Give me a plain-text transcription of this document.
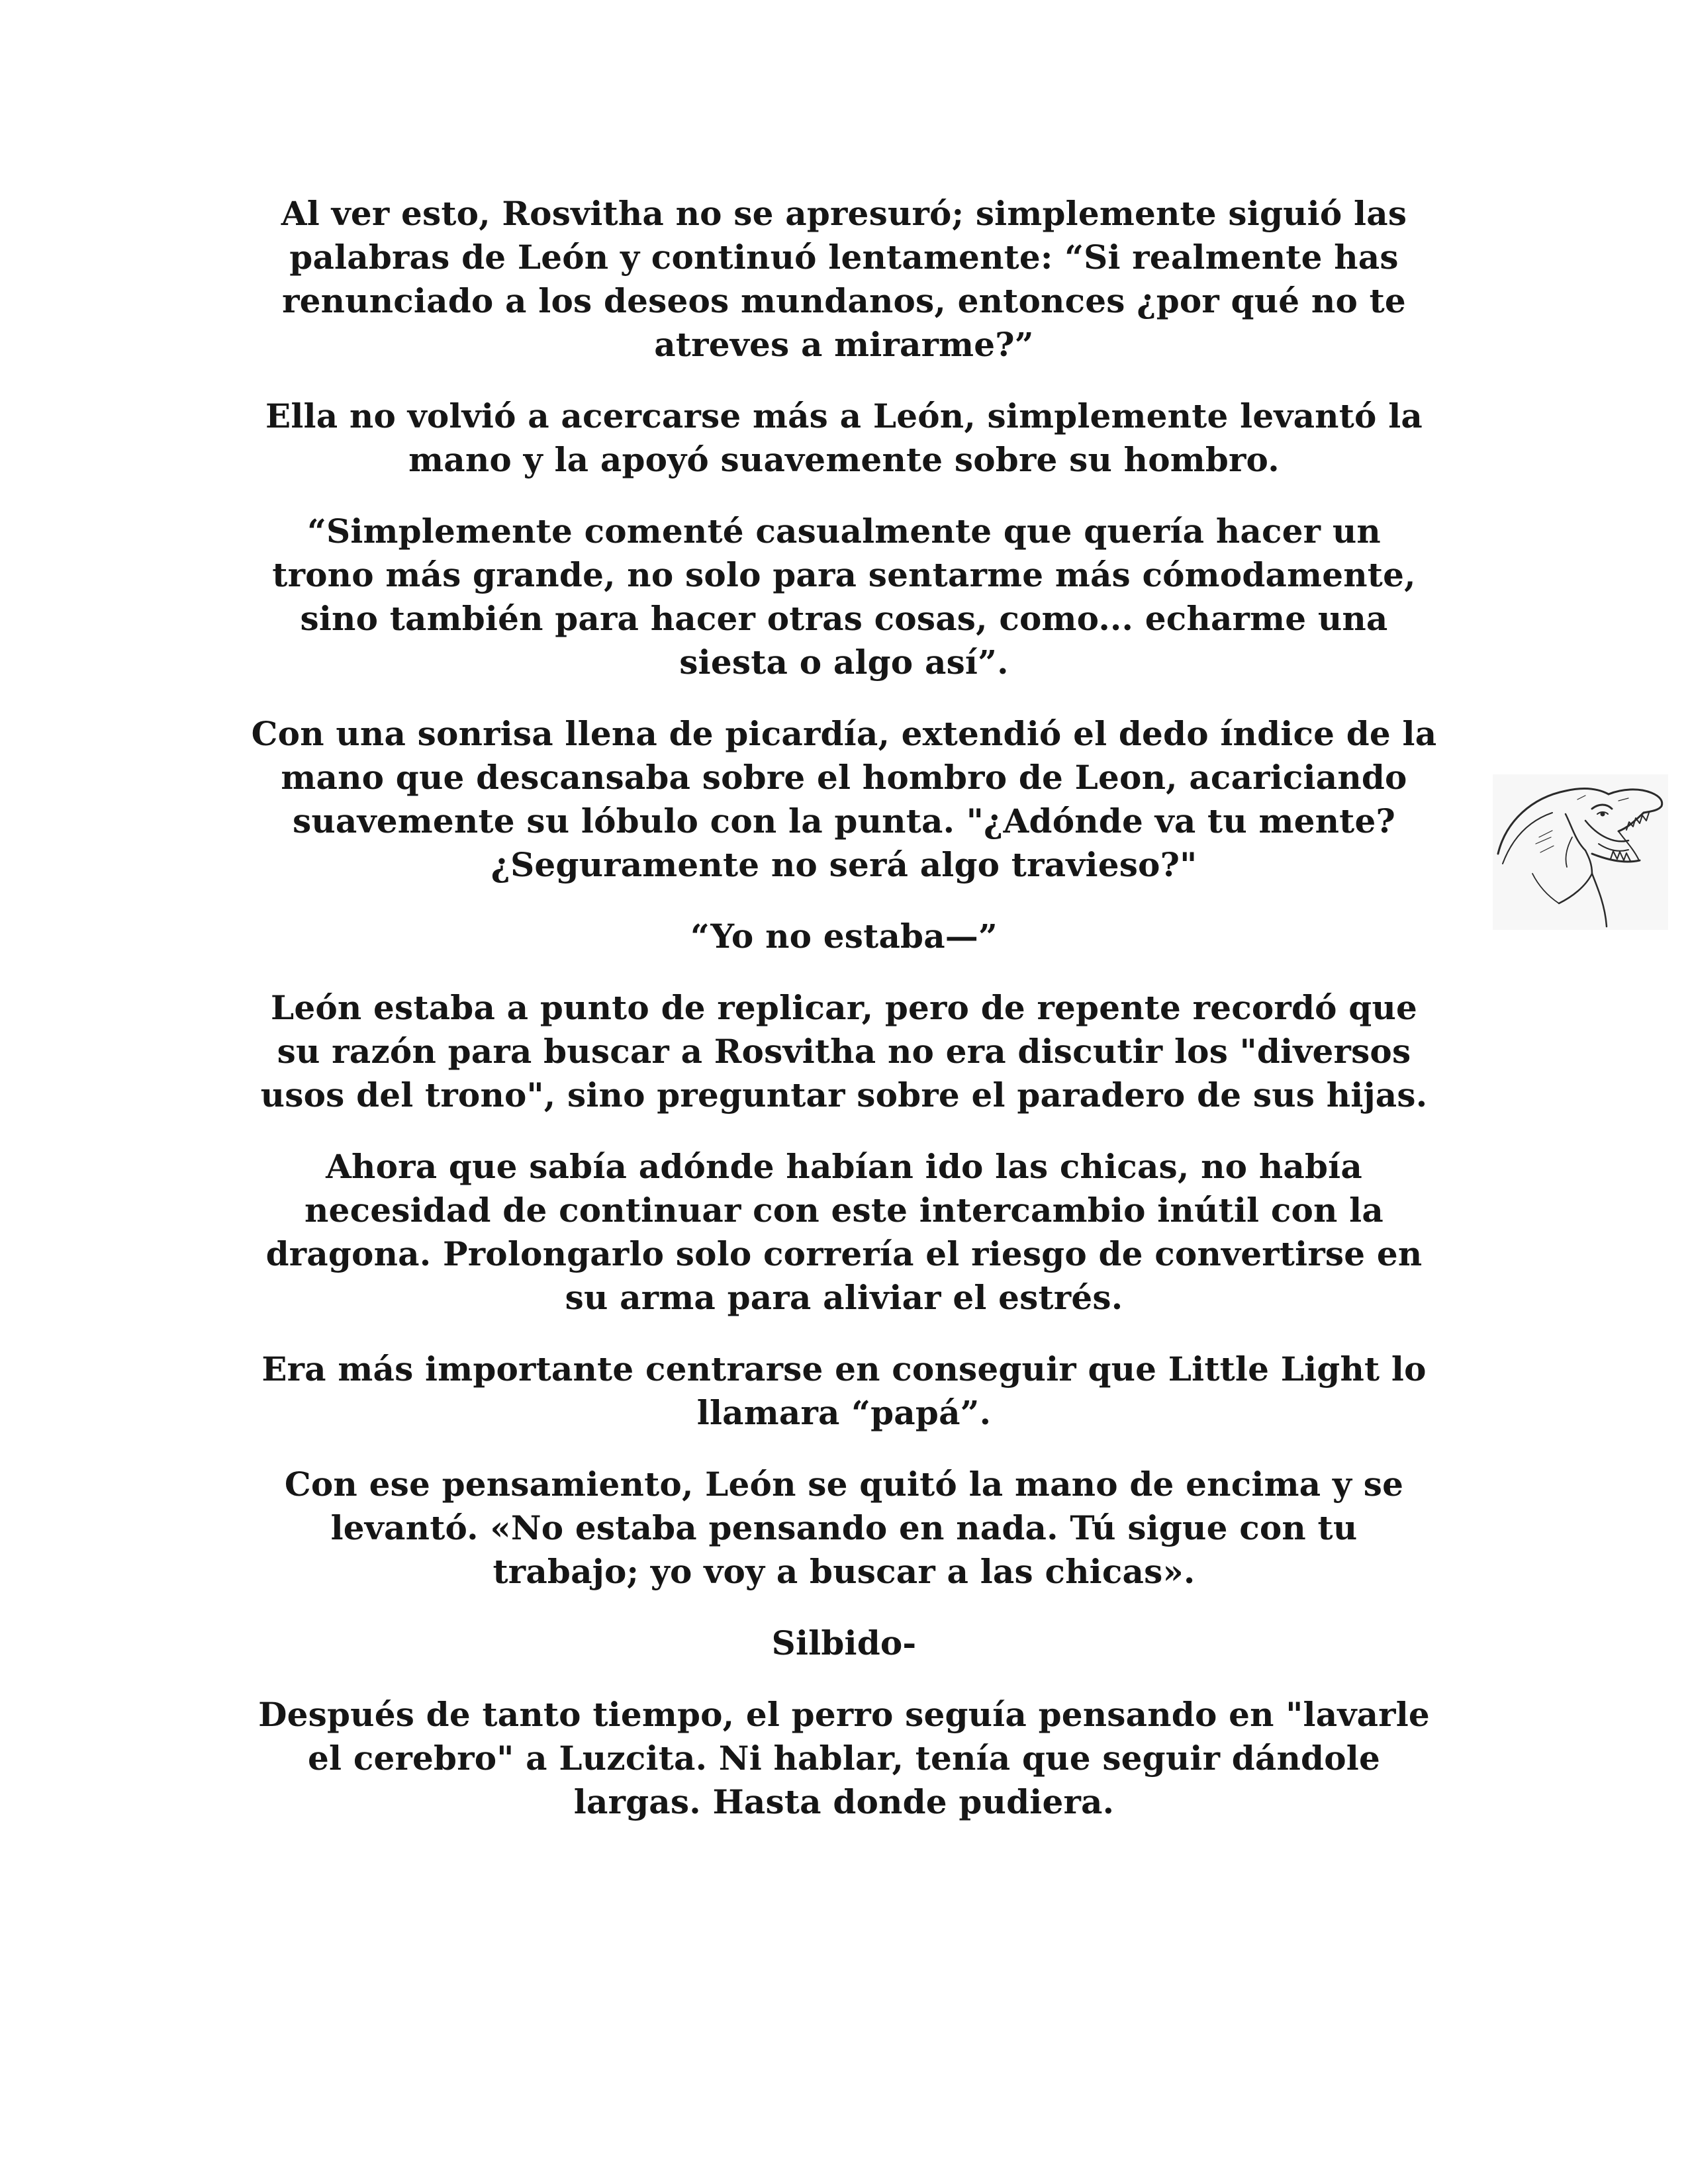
Al ver esto, Rosvitha no se apresuró; simplemente siguió las
palabras de León y continuó lentamente: “Si realmente has
renunciado a los deseos mundanos, entonces ¿por qué no te
atreves a mirarme?”

Ella no volvió a acercarse más a León, simplemente levantó la
mano y la apoyó suavemente sobre su hombro.

“Simplemente comenté casualmente que quería hacer un
trono más grande, no solo para sentarme más cómodamente,
sino también para hacer otras cosas, como... echarme una
siesta o algo así”.

Con una sonrisa llena de picardía, extendió el dedo índice de la
mano que descansaba sobre el hombro de Leon, acariciando
suavemente su lóbulo con la punta. "¿Adónde va tu mente?
¿Seguramente no será algo travieso?"

“Yo no estaba—”

León estaba a punto de replicar, pero de repente recordó que
su razón para buscar a Rosvitha no era discutir los "diversos
usos del trono", sino preguntar sobre el paradero de sus hijas.

Ahora que sabía adónde habían ido las chicas, no había
necesidad de continuar con este intercambio inútil con la
dragona. Prolongarlo solo correría el riesgo de convertirse en
su arma para aliviar el estrés.

Era más importante centrarse en conseguir que Little Light lo
llamara “papá”.

Con ese pensamiento, León se quitó la mano de encima y se
levantó. «No estaba pensando en nada. Tú sigue con tu
trabajo; yo voy a buscar a las chicas».

Silbido-

Después de tanto tiempo, el perro seguía pensando en "lavarle
el cerebro" a Luzcita. Ni hablar, tenía que seguir dándole
largas. Hasta donde pudiera.
